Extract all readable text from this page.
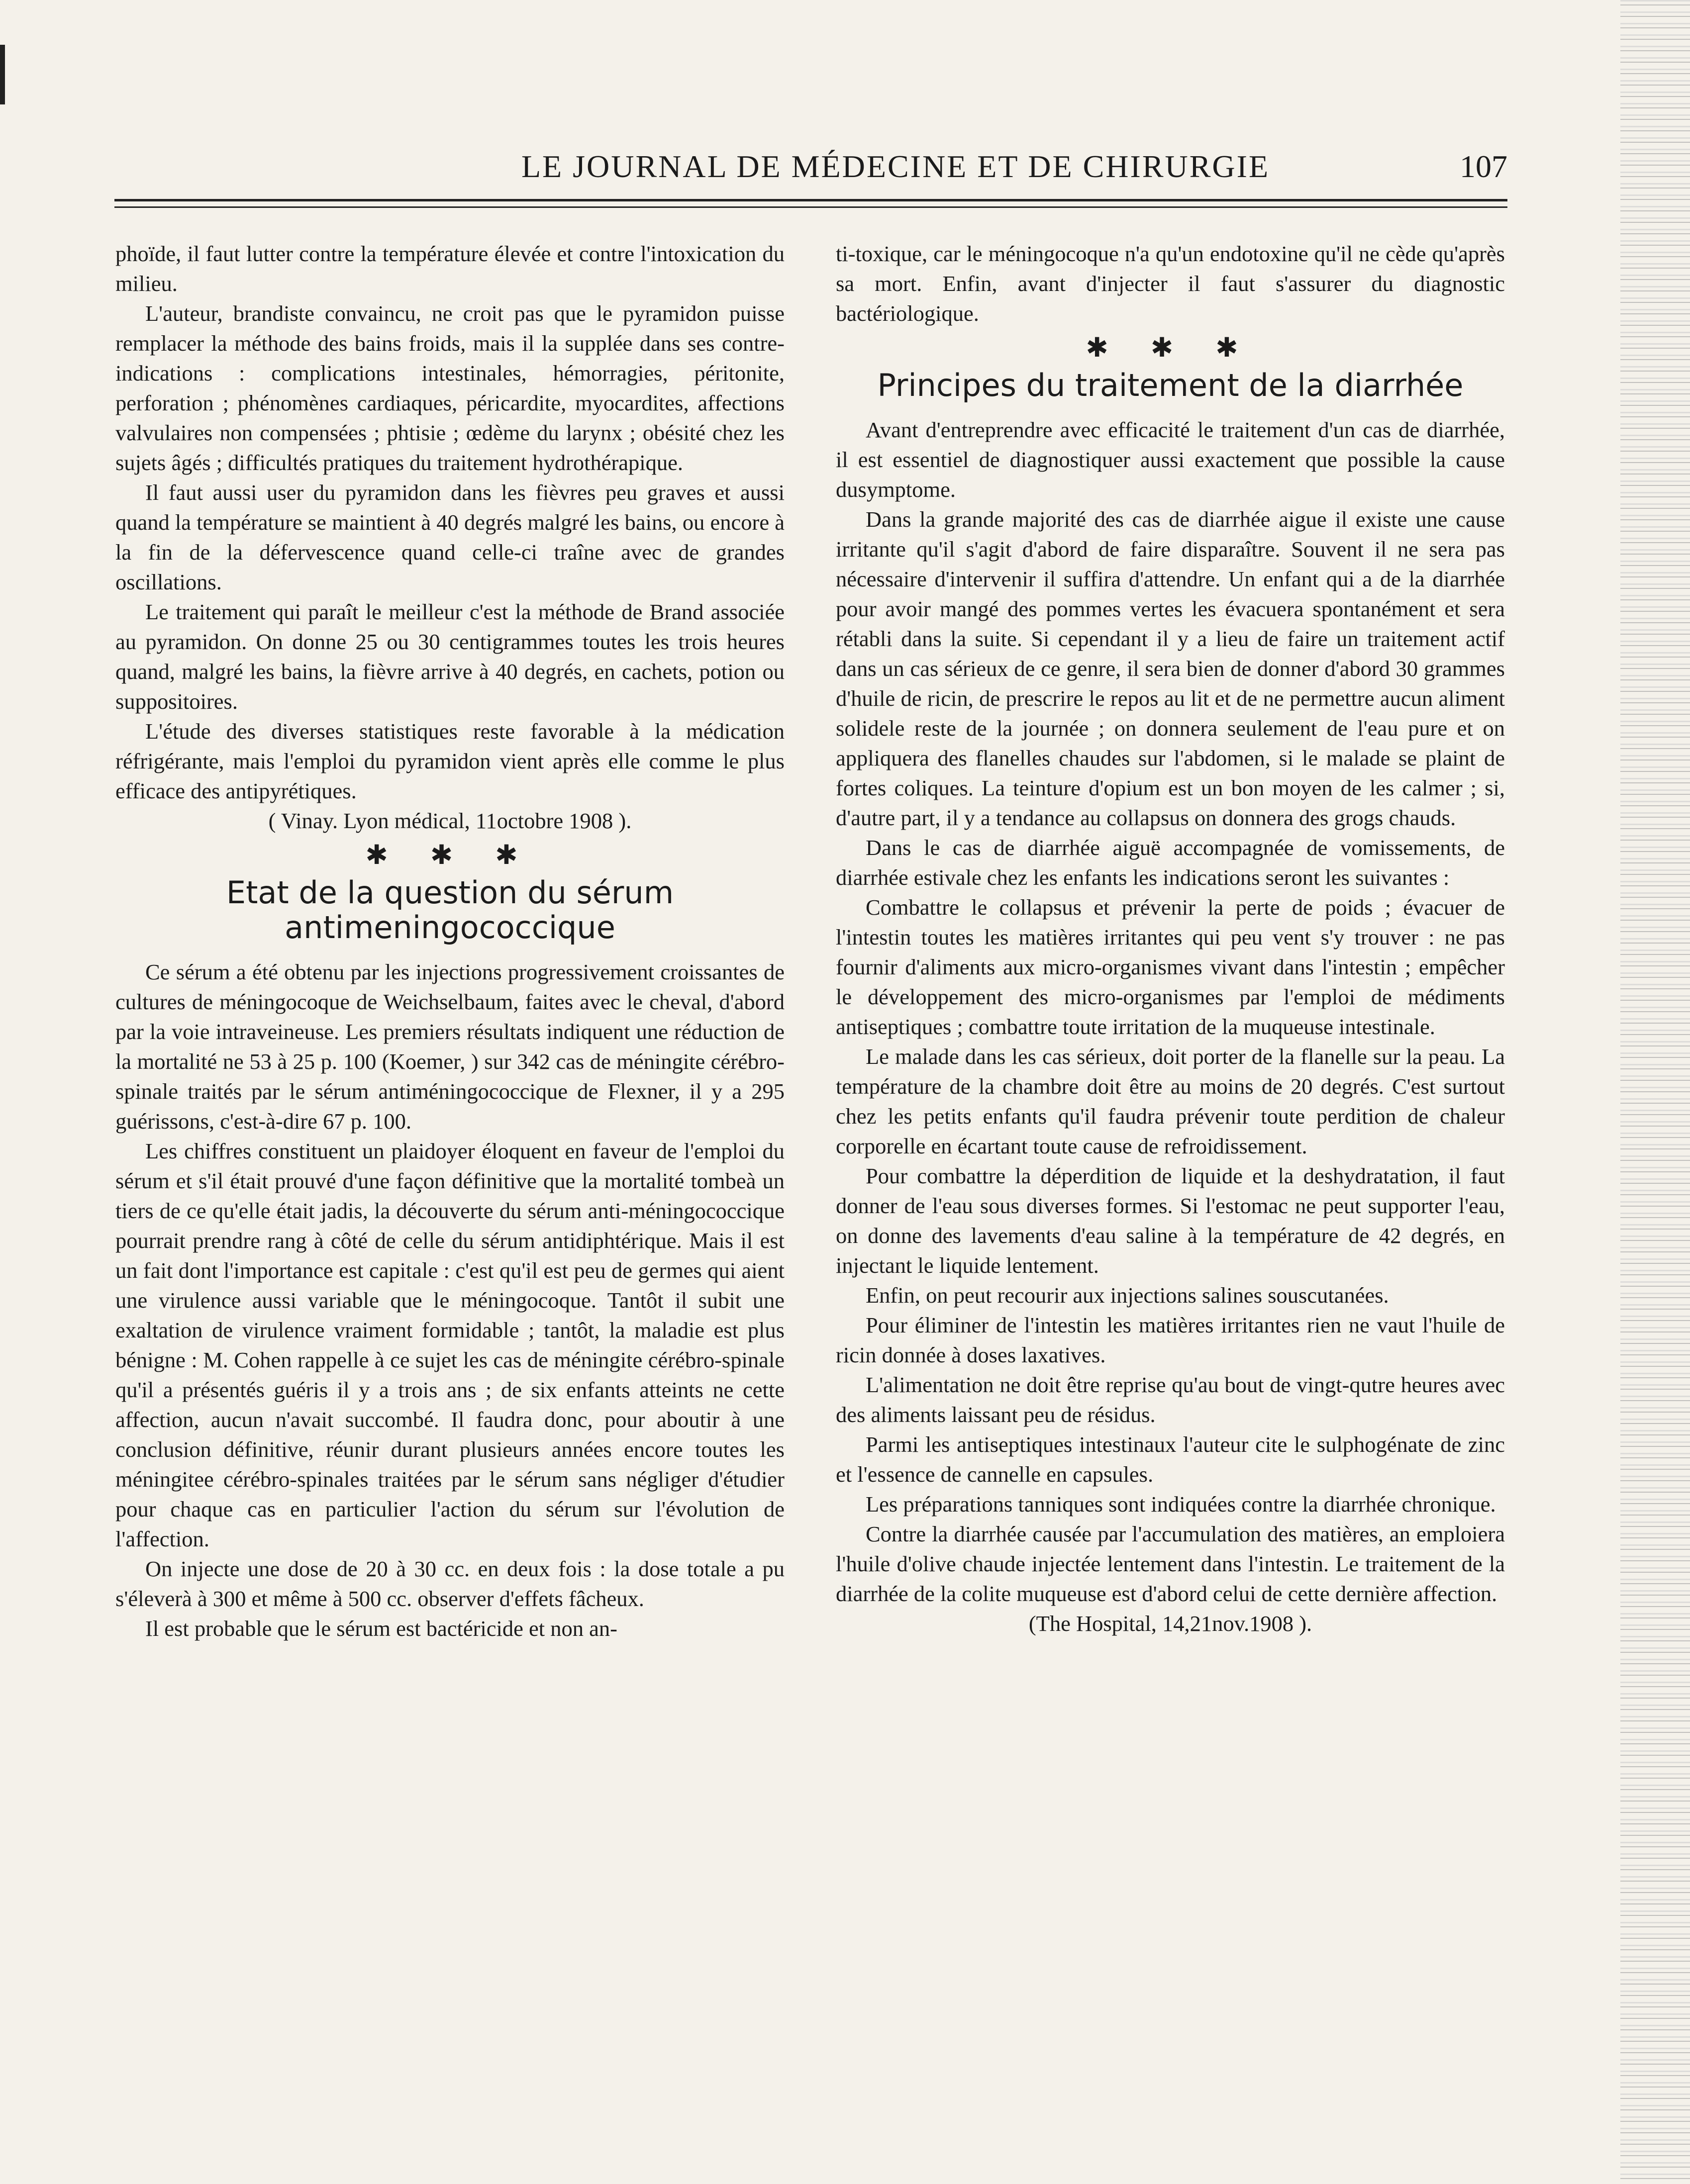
LE JOURNAL DE MÉDECINE ET DE CHIRURGIE	107

phoïde, il faut lutter contre la température élevée et contre l'intoxication du milieu.

L'auteur, brandiste convaincu, ne croit pas que le pyramidon puisse remplacer la méthode des bains froids, mais il la supplée dans ses contre-indications : complications intestinales, hémorragies, péritonite, perforation ; phénomènes cardiaques, péricardite, myocardites, affections valvulaires non compensées ; phtisie ; œdème du larynx ; obésité chez les sujets âgés ; difficultés pratiques du traitement hydrothérapique.

Il faut aussi user du pyramidon dans les fièvres peu graves et aussi quand la température se maintient à 40 degrés malgré les bains, ou encore à la fin de la défervescence quand celle-ci traîne avec de grandes oscillations.

Le traitement qui paraît le meilleur c'est la méthode de Brand associée au pyramidon. On donne 25 ou 30 centigrammes toutes les trois heures quand, malgré les bains, la fièvre arrive à 40 degrés, en cachets, potion ou suppositoires.

L'étude des diverses statistiques reste favorable à la médication réfrigérante, mais l'emploi du pyramidon vient après elle comme le plus efficace des antipyrétiques.

( Vinay. Lyon médical, 11octobre 1908 ).

✱ ✱ ✱
Etat de la question du sérum antimeningococcique

Ce sérum a été obtenu par les injections progressivement croissantes de cultures de méningocoque de Weichselbaum, faites avec le cheval, d'abord par la voie intraveineuse. Les premiers résultats indiquent une réduction de la mortalité ne 53 à 25 p. 100 (Koemer, ) sur 342 cas de méningite cérébro-spinale traités par le sérum antiméningococcique de Flexner, il y a 295 guérissons, c'est-à-dire 67 p. 100.

Les chiffres constituent un plaidoyer éloquent en faveur de l'emploi du sérum et s'il était prouvé d'une façon définitive que la mortalité tombeà un tiers de ce qu'elle était jadis, la découverte du sérum anti-méningococcique pourrait prendre rang à côté de celle du sérum antidiphtérique. Mais il est un fait dont l'importance est capitale : c'est qu'il est peu de germes qui aient une virulence aussi variable que le méningocoque. Tantôt il subit une exaltation de virulence vraiment formidable ; tantôt, la maladie est plus bénigne : M. Cohen rappelle à ce sujet les cas de méningite cérébro-spinale qu'il a présentés guéris il y a trois ans ; de six enfants atteints ne cette affection, aucun n'avait succombé. Il faudra donc, pour aboutir à une conclusion définitive, réunir durant plusieurs années encore toutes les méningitee cérébro-spinales traitées par le sérum sans négliger d'étudier pour chaque cas en particulier l'action du sérum sur l'évolution de l'affection.

On injecte une dose de 20 à 30 cc. en deux fois : la dose totale a pu s'éleverà à 300 et même à 500 cc. observer d'effets fâcheux.

Il est probable que le sérum est bactéricide et non an-

ti-toxique, car le méningocoque n'a qu'un endotoxine qu'il ne cède qu'après sa mort. Enfin, avant d'injecter il faut s'assurer du diagnostic bactériologique.

✱ ✱ ✱
Principes du traitement de la diarrhée

Avant d'entreprendre avec efficacité le traitement d'un cas de diarrhée, il est essentiel de diagnostiquer aussi exactement que possible la cause dusymptome.

Dans la grande majorité des cas de diarrhée aigue il existe une cause irritante qu'il s'agit d'abord de faire disparaître. Souvent il ne sera pas nécessaire d'intervenir il suffira d'attendre. Un enfant qui a de la diarrhée pour avoir mangé des pommes vertes les évacuera spontanément et sera rétabli dans la suite. Si cependant il y a lieu de faire un traitement actif dans un cas sérieux de ce genre, il sera bien de donner d'abord 30 grammes d'huile de ricin, de prescrire le repos au lit et de ne permettre aucun aliment solidele reste de la journée ; on donnera seulement de l'eau pure et on appliquera des flanelles chaudes sur l'abdomen, si le malade se plaint de fortes coliques. La teinture d'opium est un bon moyen de les calmer ; si, d'autre part, il y a tendance au collapsus on donnera des grogs chauds.

Dans le cas de diarrhée aiguë accompagnée de vomissements, de diarrhée estivale chez les enfants les indications seront les suivantes :

Combattre le collapsus et prévenir la perte de poids ; évacuer de l'intestin toutes les matières irritantes qui peu vent s'y trouver : ne pas fournir d'aliments aux micro-organismes vivant dans l'intestin ; empêcher le développement des micro-organismes par l'emploi de médiments antiseptiques ; combattre toute irritation de la muqueuse intestinale.

Le malade dans les cas sérieux, doit porter de la flanelle sur la peau. La température de la chambre doit être au moins de 20 degrés. C'est surtout chez les petits enfants qu'il faudra prévenir toute perdition de chaleur corporelle en écartant toute cause de refroidissement.

Pour combattre la déperdition de liquide et la deshydratation, il faut donner de l'eau sous diverses formes. Si l'estomac ne peut supporter l'eau, on donne des lavements d'eau saline à la température de 42 degrés, en injectant le liquide lentement.

Enfin, on peut recourir aux injections salines souscutanées.

Pour éliminer de l'intestin les matières irritantes rien ne vaut l'huile de ricin donnée à doses laxatives.

L'alimentation ne doit être reprise qu'au bout de vingt-qutre heures avec des aliments laissant peu de résidus.

Parmi les antiseptiques intestinaux l'auteur cite le sulphogénate de zinc et l'essence de cannelle en capsules.

Les préparations tanniques sont indiquées contre la diarrhée chronique.

Contre la diarrhée causée par l'accumulation des matières, an emploiera l'huile d'olive chaude injectée lentement dans l'intestin. Le traitement de la diarrhée de la colite muqueuse est d'abord celui de cette dernière affection.

(The Hospital, 14,21nov.1908 ).
